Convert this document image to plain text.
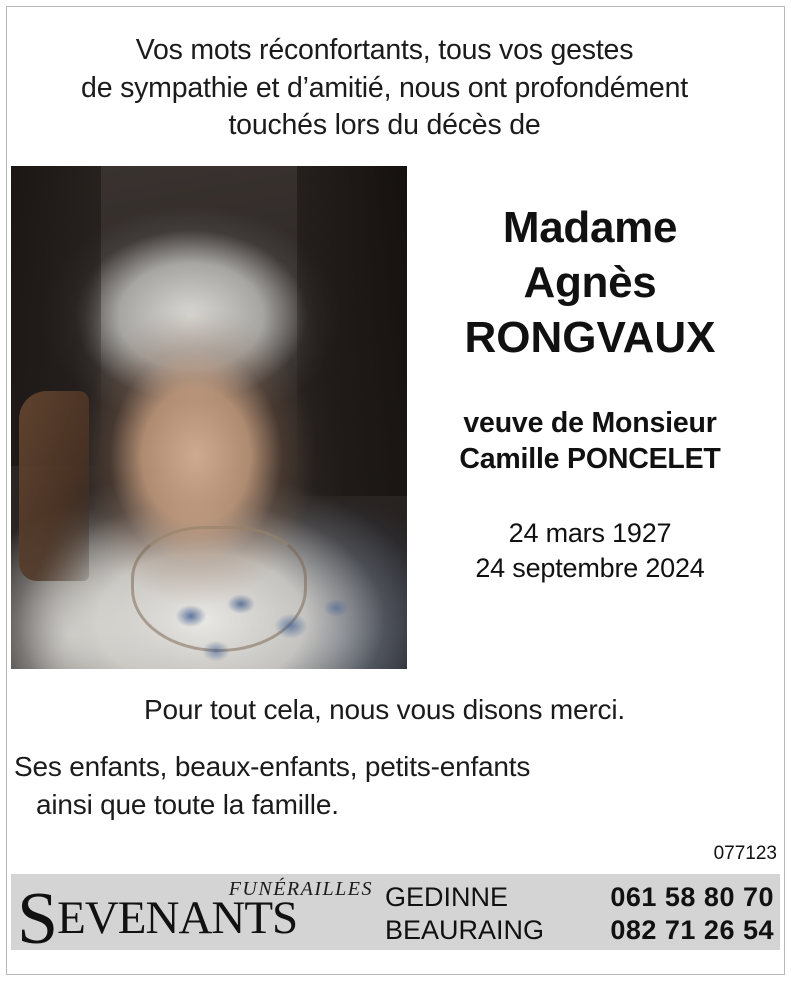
Vos mots réconfortants, tous vos gestes
de sympathie et d’amitié, nous ont profondément
touchés lors du décès de
Madame
Agnès
RONGVAUX
veuve de Monsieur
Camille PONCELET
24 mars 1927
24 septembre 2024
Pour tout cela, nous vous disons merci.
Ses enfants, beaux-enfants, petits-enfants
ainsi que toute la famille.
077123
FUNÉRAILLES
SEVENANTS	GEDINNE	061 58 80 70
BEAURAING 082 71 26 54
